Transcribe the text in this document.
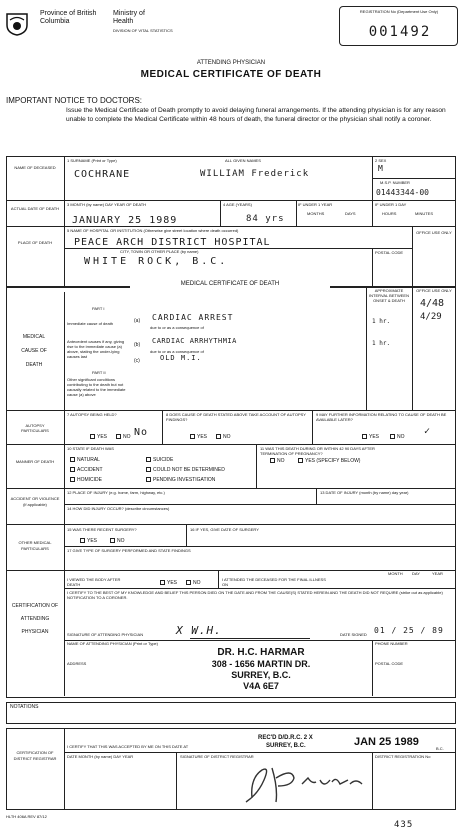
Province of British Columbia
Ministry of Health
DIVISION OF VITAL STATISTICS
REGISTRATION No (Department Use Only)
001492
ATTENDING PHYSICIAN
MEDICAL CERTIFICATE OF DEATH
IMPORTANT NOTICE TO DOCTORS:
Issue the Medical Certificate of Death promptly to avoid delaying funeral arrangements. If the attending physician is for any reason unable to complete the Medical Certificate within 48 hours of death, the funeral director or the physician shall notify a coroner.
NAME OF DECEASED
1 SURNAME (Print or Type)
COCHRANE
ALL GIVEN NAMES
WILLIAM Frederick
2 SEX
M
M.S.P. NUMBER
01443344-00
ACTUAL DATE OF DEATH
3 MONTH (by name) DAY YEAR OF DEATH
JANUARY 25 1989
4 AGE (YEARS)
84 yrs
IF UNDER 1 YEAR
MONTHS	DAYS
IF UNDER 1 DAY
HOURS	MINUTES
PLACE OF DEATH
5 NAME OF HOSPITAL OR INSTITUTION (Otherwise give street location where death occurred)
PEACE ARCH DISTRICT HOSPITAL
OFFICE USE ONLY
CITY, TOWN OR OTHER PLACE (by name)
WHITE ROCK, B.C.
POSTAL CODE
MEDICAL CERTIFICATE OF DEATH
MEDICAL CAUSE OF DEATH
PART I
Immediate cause of death	(a) CARDIAC ARREST
due to or as a consequence of
Antecedent causes if any, giving rise to the immediate cause (a) above, stating the under-lying causes last
(b) CARDIAC ARRHYTHMIA
due to or as a consequence of
(c)	OLD M.I.
PART II
Other significant conditions contributing to the death but not causally related to the immediate cause (a) above
APPROXIMATE INTERVAL BETWEEN ONSET & DEATH
1 hr.
1 hr.
OFFICE USE ONLY
4/48
4/29
AUTOPSY PARTICULARS
7 AUTOPSY BEING HELD?
YES	NO No
8 DOES CAUSE OF DEATH STATED ABOVE TAKE ACCOUNT OF AUTOPSY FINDINGS?
YES	NO
9 MAY FURTHER INFORMATION RELATING TO CAUSE OF DEATH BE AVAILABLE LATER?
YES	NO ✓
MANNER OF DEATH
10 STATE IF DEATH WAS
NATURAL
ACCIDENT
HOMICIDE
SUICIDE
COULD NOT BE DETERMINED
PENDING INVESTIGATION
11 WAS THIS DEATH DURING OR WITHIN 42 90 DAYS AFTER TERMINATION OF PREGNANCY?
NO	YES (SPECIFY BELOW)
ACCIDENT OR VIOLENCE (if applicable)
12 PLACE OF INJURY (e.g. home, farm, highway, etc.)	13 DATE OF INJURY (month (by name) day year)
14 HOW DID INJURY OCCUR? (describe circumstances)
OTHER MEDICAL PARTICULARS
15 WAS THERE RECENT SURGERY?
YES	NO
16 IF YES, GIVE DATE OF SURGERY
17 GIVE TYPE OF SURGERY PERFORMED AND STATE FINDINGS
CERTIFICATION OF ATTENDING PHYSICIAN
MONTH DAY	YEAR
I VIEWED THE BODY AFTER DEATH	YES	NO
I ATTENDED THE DECEASED FOR THE FINAL ILLNESS ON
I CERTIFY TO THE BEST OF MY KNOWLEDGE AND BELIEF THIS PERSON DIED ON THE DATE AND FROM THE CAUSE(S) STATED HEREIN AND THE DEATH DID NOT REQUIRE (strike out as applicable) NOTIFICATION TO A CORONER.
SIGNATURE OF ATTENDING PHYSICIAN	X W.H.	DATE SIGNED 01 / 25 / 89
NAME OF ATTENDING PHYSICIAN (Print or Type)	PHONE NUMBER
ADDRESS	POSTAL CODE
DR. H.C. HARMAR
308 - 1656 MARTIN DR.
SURREY, B.C.
V4A 6E7
NOTATIONS
CERTIFICATION OF DISTRICT REGISTRAR
I CERTIFY THAT THIS WAS ACCEPTED BY ME ON THIS DATE AT
REC'D D/D.R.C. 2 X
SURREY, B.C.	JAN 25 1989
B.C.
DATE MONTH (by name) DAY YEAR	SIGNATURE OF DISTRICT REGISTRAR	DISTRICT REGISTRATION No
HLTH 406A REV 87/12
435
